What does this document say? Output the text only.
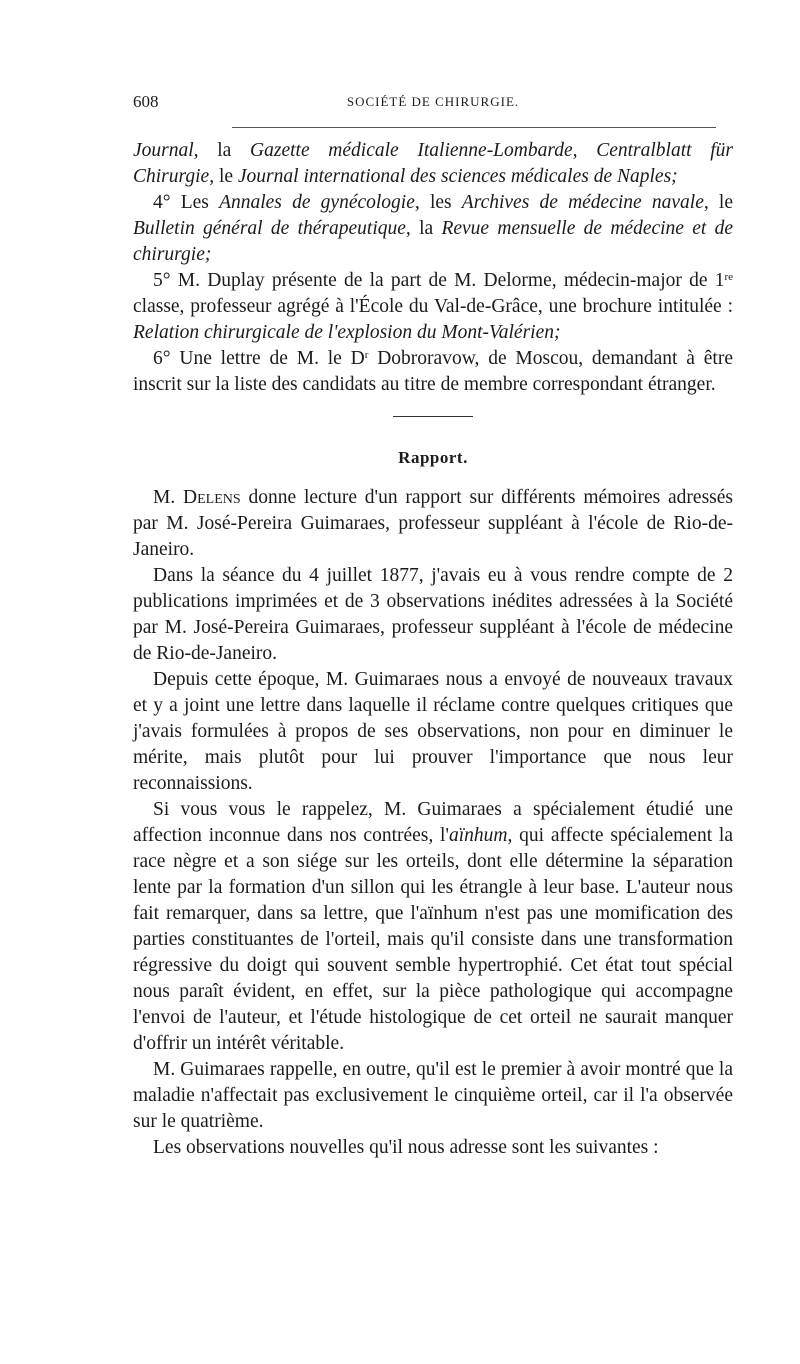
608	SOCIÉTÉ DE CHIRURGIE.

Journal, la Gazette médicale Italienne-Lombarde, Centralblatt für Chirurgie, le Journal international des sciences médicales de Naples;

4° Les Annales de gynécologie, les Archives de médecine navale, le Bulletin général de thérapeutique, la Revue mensuelle de médecine et de chirurgie;

5° M. Duplay présente de la part de M. Delorme, médecin-major de 1re classe, professeur agrégé à l'École du Val-de-Grâce, une brochure intitulée : Relation chirurgicale de l'explosion du Mont-Valérien;

6° Une lettre de M. le $D^r$ Dobroravow, de Moscou, demandant à être inscrit sur la liste des candidats au titre de membre correspondant étranger.

Rapport.

M. Delens donne lecture d'un rapport sur différents mémoires adressés par M. José-Pereira Guimaraes, professeur suppléant à l'école de Rio-de-Janeiro.

Dans la séance du 4 juillet 1877, j'avais eu à vous rendre compte de 2 publications imprimées et de 3 observations inédites adressées à la Société par M. José-Pereira Guimaraes, professeur suppléant à l'école de médecine de Rio-de-Janeiro.

Depuis cette époque, M. Guimaraes nous a envoyé de nouveaux travaux et y a joint une lettre dans laquelle il réclame contre quelques critiques que j'avais formulées à propos de ses observations, non pour en diminuer le mérite, mais plutôt pour lui prouver l'importance que nous leur reconnaissions.

Si vous vous le rappelez, M. Guimaraes a spécialement étudié une affection inconnue dans nos contrées, l'aïnhum, qui affecte spécialement la race nègre et a son siége sur les orteils, dont elle détermine la séparation lente par la formation d'un sillon qui les étrangle à leur base. L'auteur nous fait remarquer, dans sa lettre, que l'aïnhum n'est pas une momification des parties constituantes de l'orteil, mais qu'il consiste dans une transformation régressive du doigt qui souvent semble hypertrophié. Cet état tout spécial nous paraît évident, en effet, sur la pièce pathologique qui accompagne l'envoi de l'auteur, et l'étude histologique de cet orteil ne saurait manquer d'offrir un intérêt véritable.

M. Guimaraes rappelle, en outre, qu'il est le premier à avoir montré que la maladie n'affectait pas exclusivement le cinquième orteil, car il l'a observée sur le quatrième.

Les observations nouvelles qu'il nous adresse sont les suivantes :
